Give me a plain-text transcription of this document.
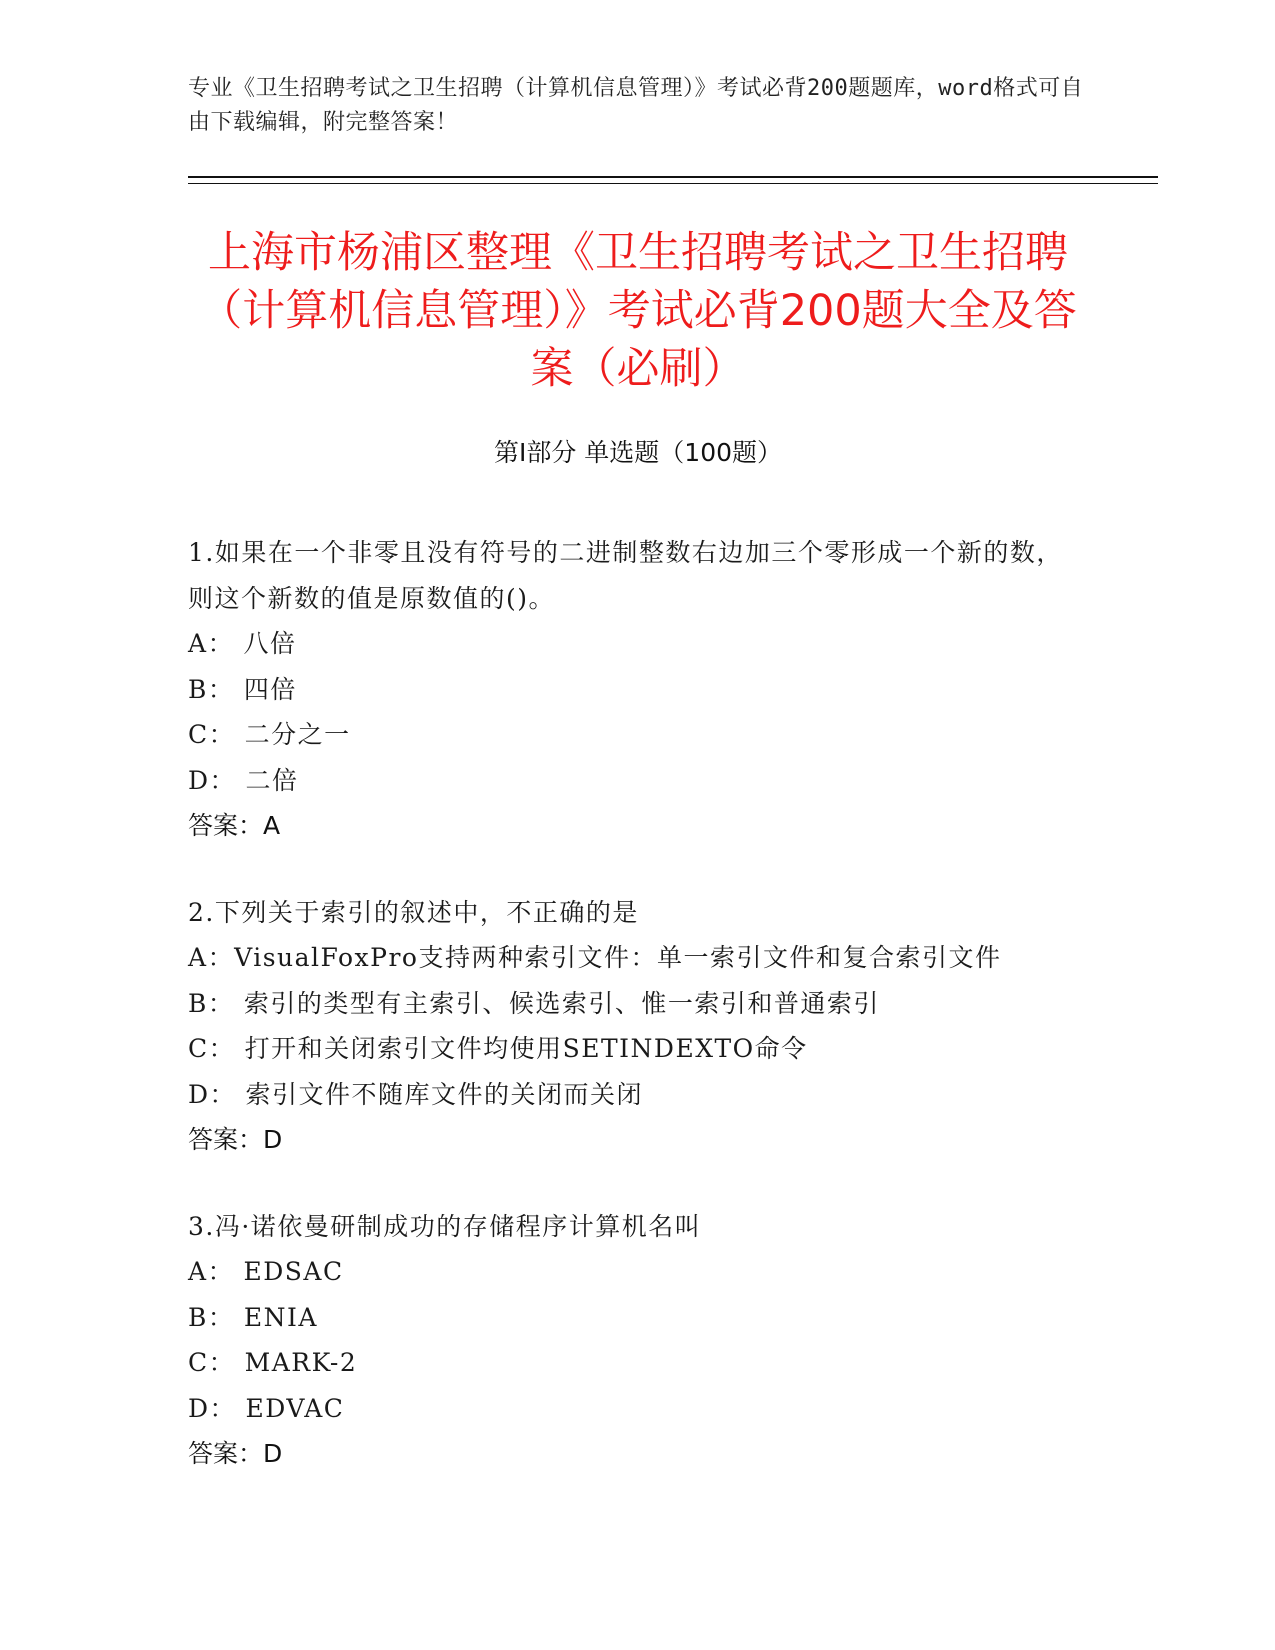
专业《卫生招聘考试之卫生招聘（计算机信息管理）》考试必背200题题库，word格式可自由下载编辑，附完整答案！
上海市杨浦区整理《卫生招聘考试之卫生招聘（计算机信息管理）》考试必背200题大全及答案（必刷）
第Ⅰ部分 单选题（100题）
1.如果在一个非零且没有符号的二进制整数右边加三个零形成一个新的数，则这个新数的值是原数值的()。
A： 八倍
B： 四倍
C： 二分之一
D： 二倍
答案：A
2.下列关于索引的叙述中，不正确的是
A：VisualFoxPro支持两种索引文件：单一索引文件和复合索引文件
B： 索引的类型有主索引、候选索引、惟一索引和普通索引
C： 打开和关闭索引文件均使用SETINDEXTO命令
D： 索引文件不随库文件的关闭而关闭
答案：D
3.冯·诺依曼研制成功的存储程序计算机名叫
A： EDSAC
B： ENIA
C： MARK-2
D： EDVAC
答案：D
